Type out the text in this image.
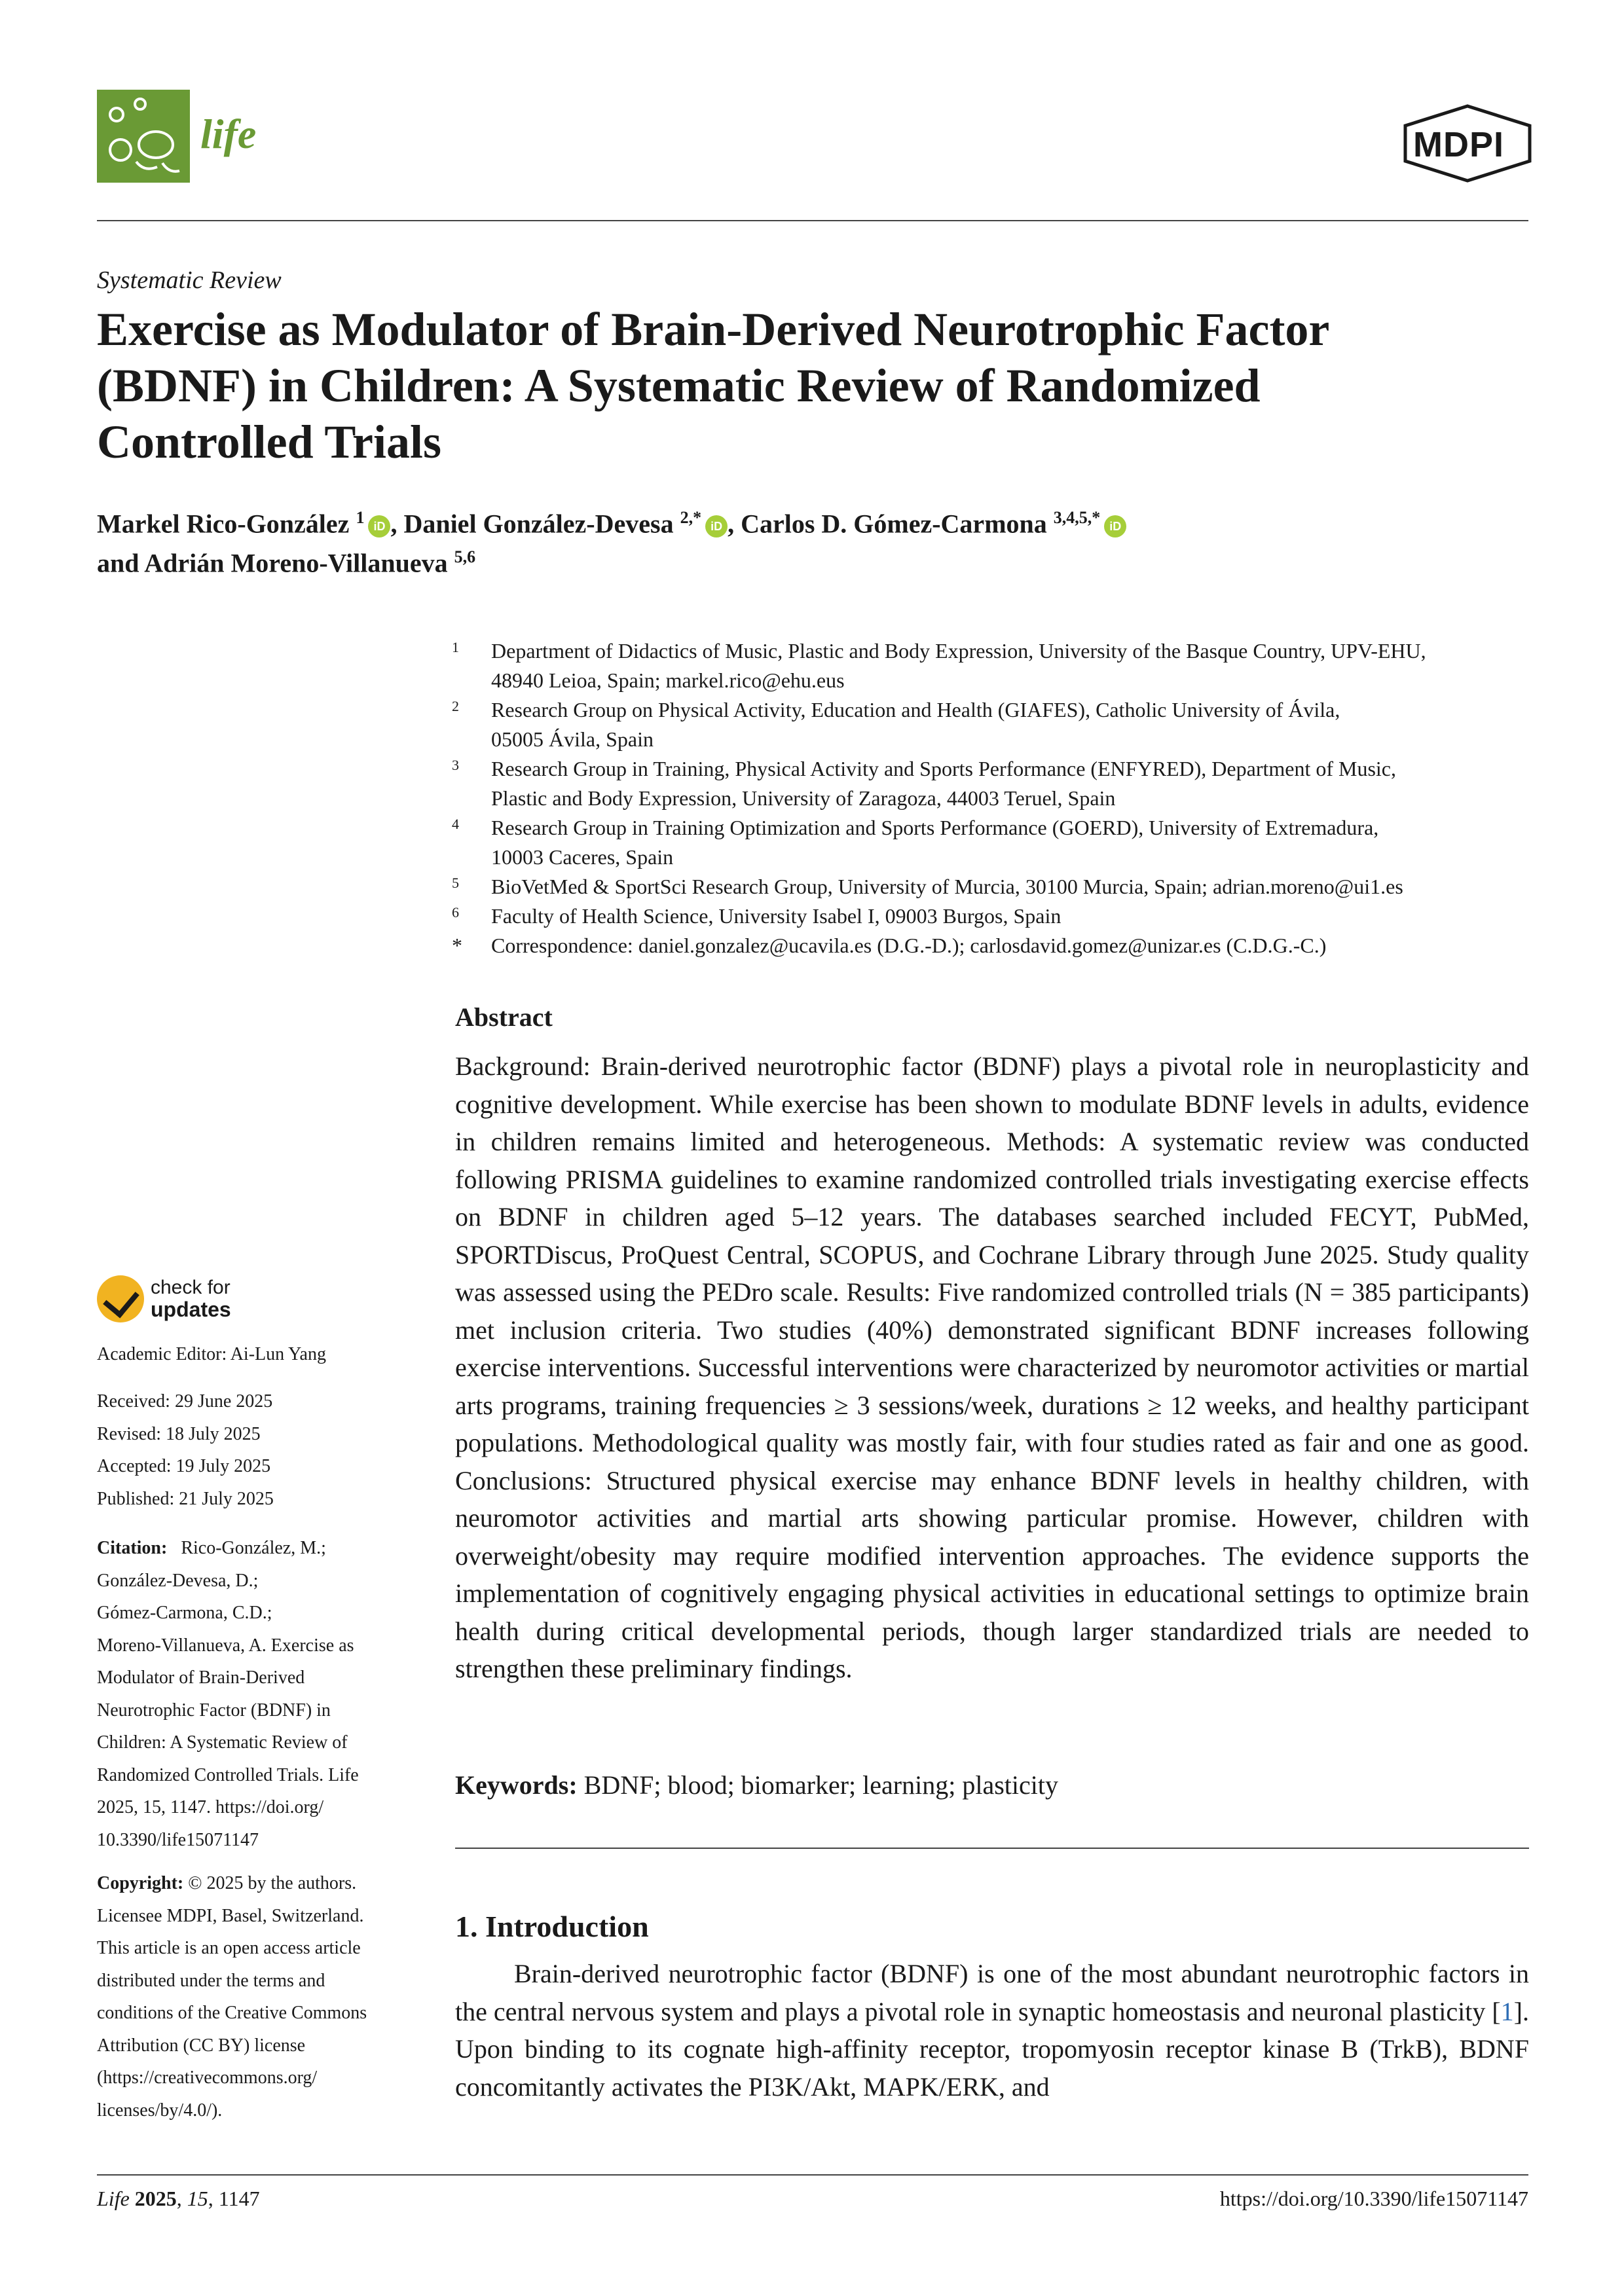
life	MDPI
Systematic Review
Exercise as Modulator of Brain-Derived Neurotrophic Factor
(BDNF) in Children: A Systematic Review of Randomized
Controlled Trials
Markel Rico-González $^1$ iD , Daniel González-Devesa $^{2,*}$ iD , Carlos D. Gómez-Carmona $^{3,4,5,*}$ iD
and Adrián Moreno-Villanueva $^{5,6}$
1 Department of Didactics of Music, Plastic and Body Expression, University of the Basque Country, UPV-EHU,
48940 Leioa, Spain; markel.rico@ehu.eus
2 Research Group on Physical Activity, Education and Health (GIAFES), Catholic University of Ávila,
05005 Ávila, Spain
3 Research Group in Training, Physical Activity and Sports Performance (ENFYRED), Department of Music,
Plastic and Body Expression, University of Zaragoza, 44003 Teruel, Spain
4 Research Group in Training Optimization and Sports Performance (GOERD), University of Extremadura,
10003 Caceres, Spain
5 BioVetMed & SportSci Research Group, University of Murcia, 30100 Murcia, Spain; adrian.moreno@ui1.es
6 Faculty of Health Science, University Isabel I, 09003 Burgos, Spain
* Correspondence: daniel.gonzalez@ucavila.es (D.G.-D.); carlosdavid.gomez@unizar.es (C.D.G.-C.)
Abstract
Background: Brain-derived neurotrophic factor (BDNF) plays a pivotal role in neuroplasticity and cognitive development. While exercise has been shown to modulate BDNF levels in adults, evidence in children remains limited and heterogeneous. Methods: A systematic review was conducted following PRISMA guidelines to examine randomized controlled trials investigating exercise effects on BDNF in children aged 5–12 years. The databases searched included FECYT, PubMed, SPORTDiscus, ProQuest Central, SCOPUS, and Cochrane Library through June 2025. Study quality was assessed using the PEDro scale. Results: Five randomized controlled trials (N = 385 participants) met inclusion criteria. Two studies (40%) demonstrated significant BDNF increases following exercise interventions. Successful interventions were characterized by neuromotor activities or martial arts programs, training frequencies ≥ 3 sessions/week, durations ≥ 12 weeks, and healthy participant populations. Methodological quality was mostly fair, with four studies rated as fair and one as good. Conclusions: Structured physical exercise may enhance BDNF levels in healthy children, with neuromotor activities and martial arts showing particular promise. However, children with overweight/obesity may require modified intervention approaches. The evidence supports the implementation of cognitively engaging physical activities in educational settings to optimize brain health during critical developmental periods, though larger standardized trials are needed to strengthen these preliminary findings.
Keywords: BDNF; blood; biomarker; learning; plasticity
1. Introduction
Brain-derived neurotrophic factor (BDNF) is one of the most abundant neurotrophic factors in the central nervous system and plays a pivotal role in synaptic homeostasis and neuronal plasticity [1]. Upon binding to its cognate high-affinity receptor, tropomyosin receptor kinase B (TrkB), BDNF concomitantly activates the PI3K/Akt, MAPK/ERK, and
check for
updates
Academic Editor: Ai-Lun Yang
Received: 29 June 2025
Revised: 18 July 2025
Accepted: 19 July 2025
Published: 21 July 2025
Citation: Rico-González, M.;
González-Devesa, D.;
Gómez-Carmona, C.D.;
Moreno-Villanueva, A. Exercise as
Modulator of Brain-Derived
Neurotrophic Factor (BDNF) in
Children: A Systematic Review of
Randomized Controlled Trials. Life
2025, 15, 1147. https://doi.org/
10.3390/life15071147
Copyright: © 2025 by the authors.
Licensee MDPI, Basel, Switzerland.
This article is an open access article
distributed under the terms and
conditions of the Creative Commons
Attribution (CC BY) license
(https://creativecommons.org/
licenses/by/4.0/).
Life 2025, 15, 1147	https://doi.org/10.3390/life15071147
